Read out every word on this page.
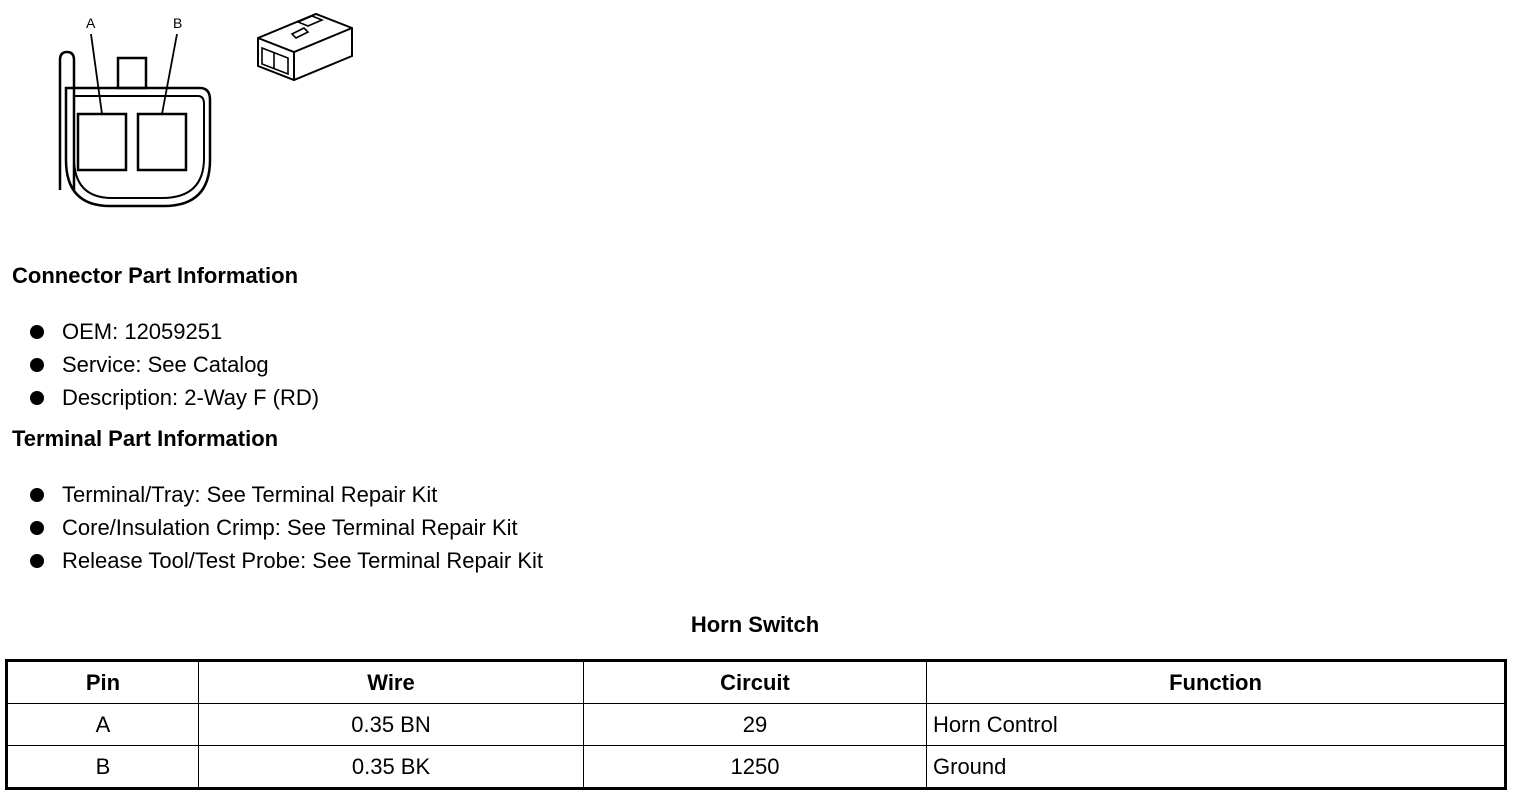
A	B
Connector Part Information
OEM: 12059251
Service: See Catalog
Description: 2-Way F (RD)
Terminal Part Information
Terminal/Tray: See Terminal Repair Kit
Core/Insulation Crimp: See Terminal Repair Kit
Release Tool/Test Probe: See Terminal Repair Kit
Horn Switch
Pin	Wire	Circuit	Function
A	0.35 BN	29	Horn Control
B	0.35 BK	1250	Ground
